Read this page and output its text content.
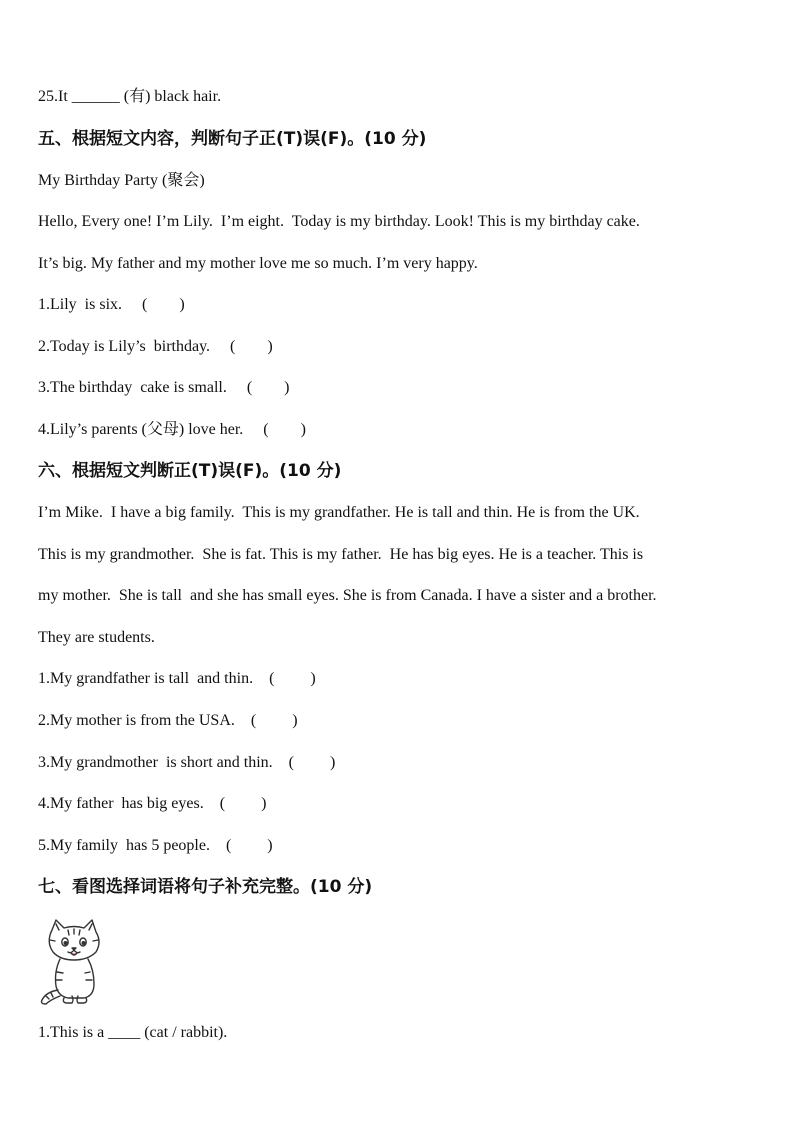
25.It ______ (有) black hair.
五、根据短文内容，判断句子正(T)误(F)。(10 分)
My Birthday Party (聚会)
Hello, Every one! I’m Lily.  I’m eight.  Today is my birthday. Look! This is my birthday cake.
It’s big. My father and my mother love me so much. I’m very happy.
1.Lily  is six.     (        )
2.Today is Lily’s  birthday.     (        )
3.The birthday  cake is small.     (        )
4.Lily’s parents (父母) love her.     (        )
六、根据短文判断正(T)误(F)。(10 分)
I’m Mike.  I have a big family.  This is my grandfather. He is tall and thin. He is from the UK.
This is my grandmother.  She is fat. This is my father.  He has big eyes. He is a teacher. This is
my mother.  She is tall  and she has small eyes. She is from Canada. I have a sister and a brother.
They are students.
1.My grandfather is tall  and thin.    (         )
2.My mother is from the USA.    (         )
3.My grandmother  is short and thin.    (         )
4.My father  has big eyes.    (         )
5.My family  has 5 people.    (         )
七、看图选择词语将句子补充完整。(10 分)
1.This is a ____ (cat / rabbit).
